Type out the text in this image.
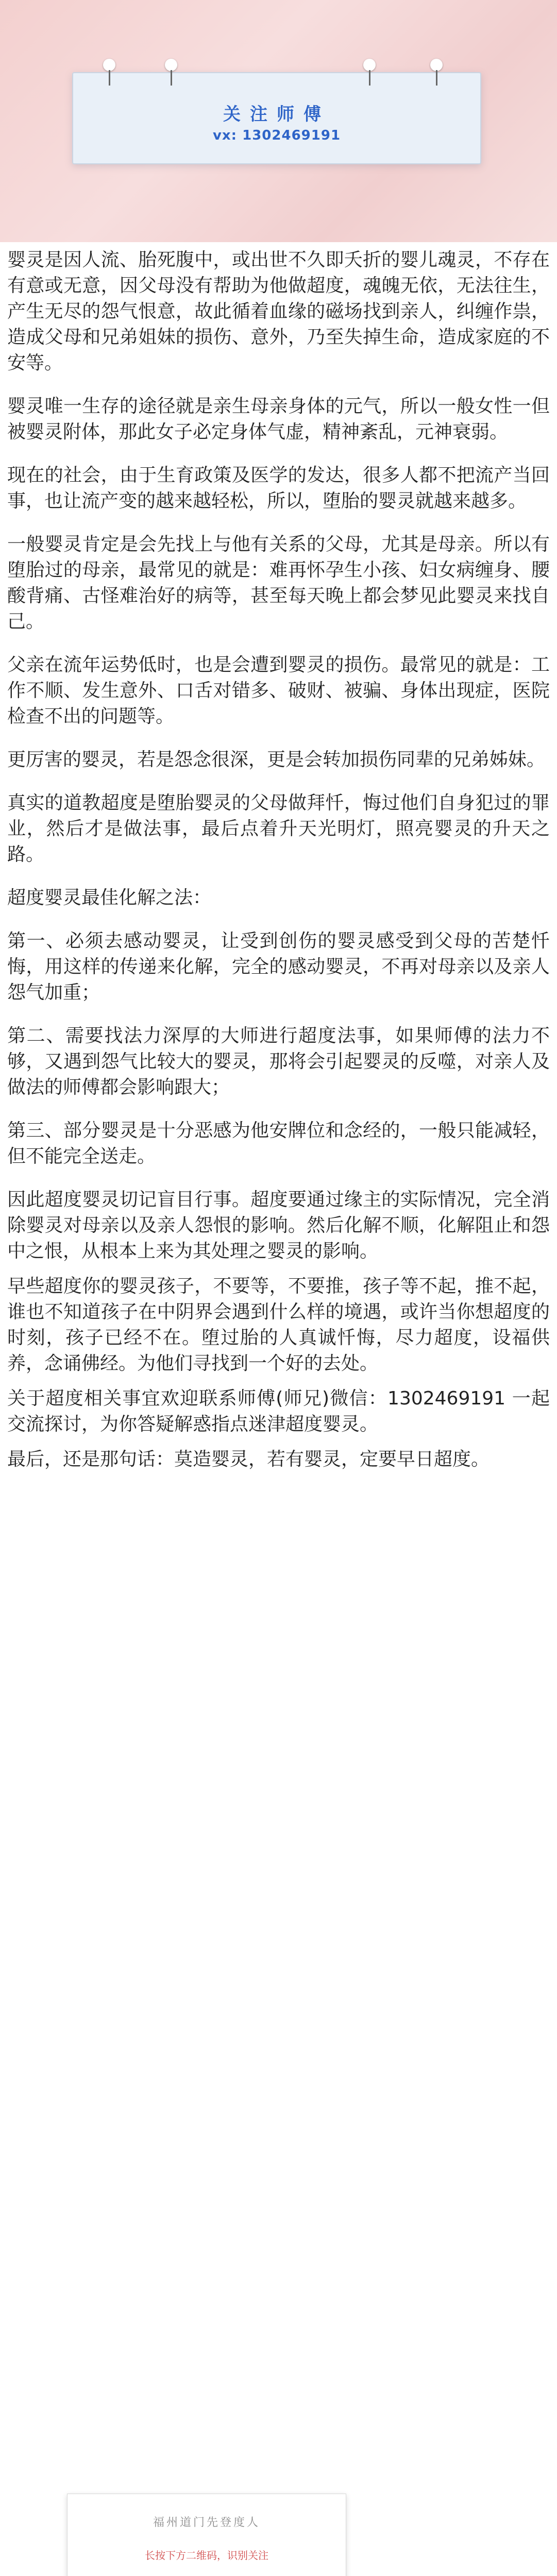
关注师傅
vx: 1302469191

婴灵是因人流、胎死腹中，或出世不久即夭折的婴儿魂灵，不存在有意或无意，因父母没有帮助为他做超度，魂魄无依，无法往生，产生无尽的怨气恨意，故此循着血缘的磁场找到亲人，纠缠作祟，造成父母和兄弟姐妹的损伤、意外，乃至失掉生命，造成家庭的不安等。

婴灵唯一生存的途径就是亲生母亲身体的元气，所以一般女性一但被婴灵附体，那此女子必定身体气虚，精神紊乱，元神衰弱。

现在的社会，由于生育政策及医学的发达，很多人都不把流产当回事，也让流产变的越来越轻松，所以，堕胎的婴灵就越来越多。

一般婴灵肯定是会先找上与他有关系的父母，尤其是母亲。所以有堕胎过的母亲，最常见的就是：难再怀孕生小孩、妇女病缠身、腰酸背痛、古怪难治好的病等，甚至每天晚上都会梦见此婴灵来找自己。

父亲在流年运势低时，也是会遭到婴灵的损伤。最常见的就是：工作不顺、发生意外、口舌对错多、破财、被骗、身体出现症，医院检查不出的问题等。

更厉害的婴灵，若是怨念很深，更是会转加损伤同辈的兄弟姊妹。

真实的道教超度是堕胎婴灵的父母做拜忏，悔过他们自身犯过的罪业，然后才是做法事，最后点着升天光明灯，照亮婴灵的升天之路。

超度婴灵最佳化解之法：

第一、必须去感动婴灵，让受到创伤的婴灵感受到父母的苦楚忏悔，用这样的传递来化解，完全的感动婴灵，不再对母亲以及亲人怨气加重；

第二、需要找法力深厚的大师进行超度法事，如果师傅的法力不够，又遇到怨气比较大的婴灵，那将会引起婴灵的反噬，对亲人及做法的师傅都会影响跟大；

第三、部分婴灵是十分恶感为他安牌位和念经的，一般只能减轻，但不能完全送走。

因此超度婴灵切记盲目行事。超度要通过缘主的实际情况，完全消除婴灵对母亲以及亲人怨恨的影响。然后化解不顺，化解阻止和怨中之恨，从根本上来为其处理之婴灵的影响。

早些超度你的婴灵孩子，不要等，不要推，孩子等不起，推不起，谁也不知道孩子在中阴界会遇到什么样的境遇，或许当你想超度的时刻，孩子已经不在。堕过胎的人真诚忏悔，尽力超度，设福供养，念诵佛经。为他们寻找到一个好的去处。

关于超度相关事宜欢迎联系师傅(师兄)微信：1302469191 一起交流探讨，为你答疑解惑指点迷津超度婴灵。

最后，还是那句话：莫造婴灵，若有婴灵，定要早日超度。

福州道门先登度人
长按下方二维码，识别关注
